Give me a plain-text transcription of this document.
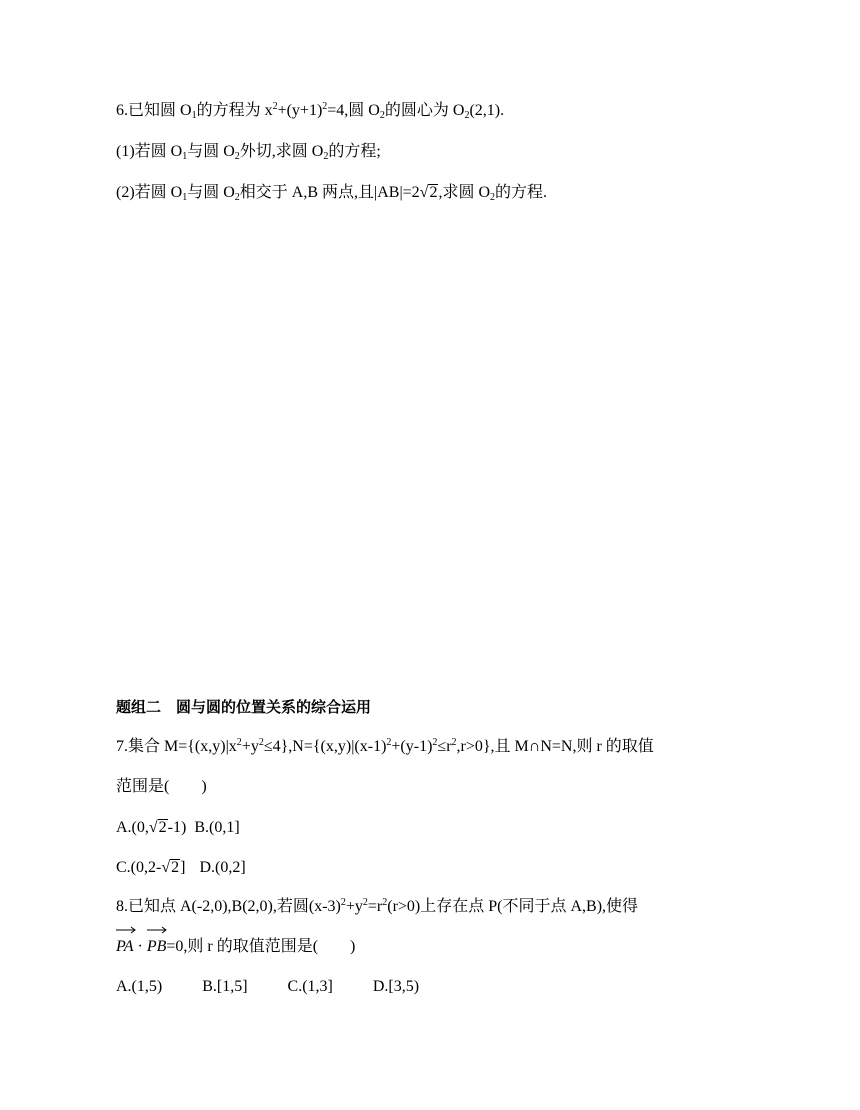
6.已知圆 $O_1$的方程为 $x^2+(y+1)^2=4$,圆 $O_2$的圆心为 $O_2(2,1)$.
(1)若圆 $O_1$与圆 $O_2$外切,求圆 $O_2$的方程;
(2)若圆 $O_1$与圆 $O_2$相交于 A,B 两点,且|AB|=2√2,求圆 $O_2$的方程.
题组二　圆与圆的位置关系的综合运用
7.集合 $M=\{(x,y)|x^2+y^2\le 4\},N=\{(x,y)|(x-1)^2+(y-1)^2\le r^2,r>0\}$,且 M∩N=N,则 r 的取值
范围是(　　)
A.(0,√2-1) B.(0,1]
C.(0,2-√2] D.(0,2]
8.已知点 A(-2,0),B(2,0),若圆$(x-3)^2+y^2=r^2(r>0)$上存在点 P(不同于点 A,B),使得
PA ·
PB=0,则 r 的取值范围是(　　)
A.(1,5)	B.[1,5]	C.(1,3]	D.[3,5)
